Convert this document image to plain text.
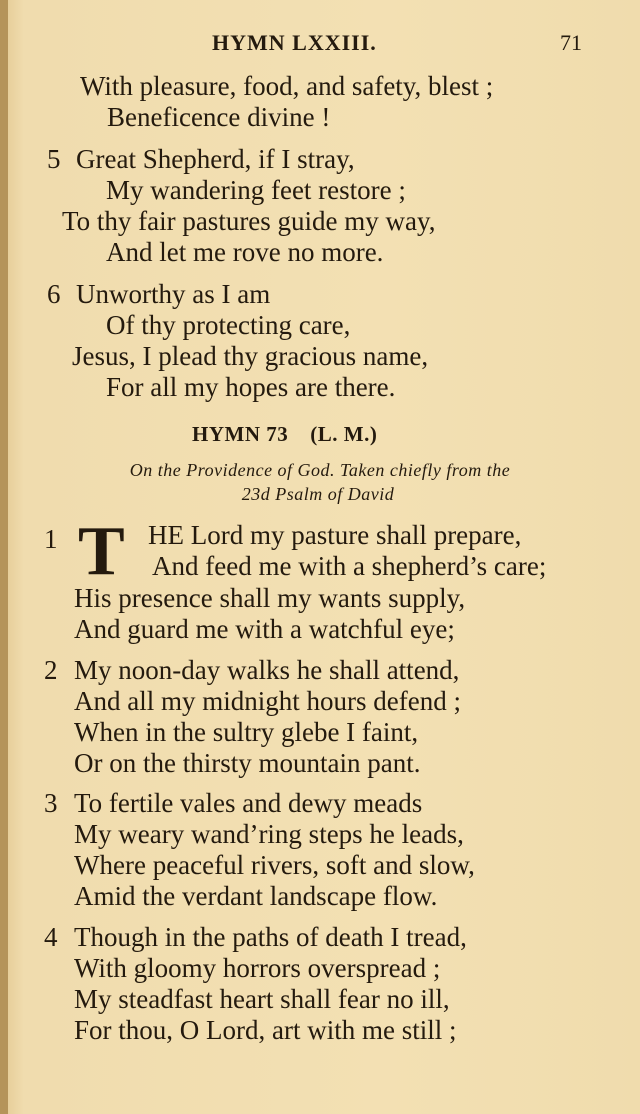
HYMN LXXIII.	71
With pleasure, food, and safety, blest ;
Beneficence divine !
5 Great Shepherd, if I stray,
My wandering feet restore ;
To thy fair pastures guide my way,
And let me rove no more.
6 Unworthy as I am
Of thy protecting care,
Jesus, I plead thy gracious name,
For all my hopes are there.
HYMN 73 (L. M.)
On the Providence of God. Taken chiefly from the
23d Psalm of David
1 T HE Lord my pasture shall prepare,
And feed me with a shepherd’s care;
His presence shall my wants supply,
And guard me with a watchful eye;
2 My noon-day walks he shall attend,
And all my midnight hours defend ;
When in the sultry glebe I faint,
Or on the thirsty mountain pant.
3 To fertile vales and dewy meads
My weary wand’ring steps he leads,
Where peaceful rivers, soft and slow,
Amid the verdant landscape flow.
4 Though in the paths of death I tread,
With gloomy horrors overspread ;
My steadfast heart shall fear no ill,
For thou, O Lord, art with me still ;
